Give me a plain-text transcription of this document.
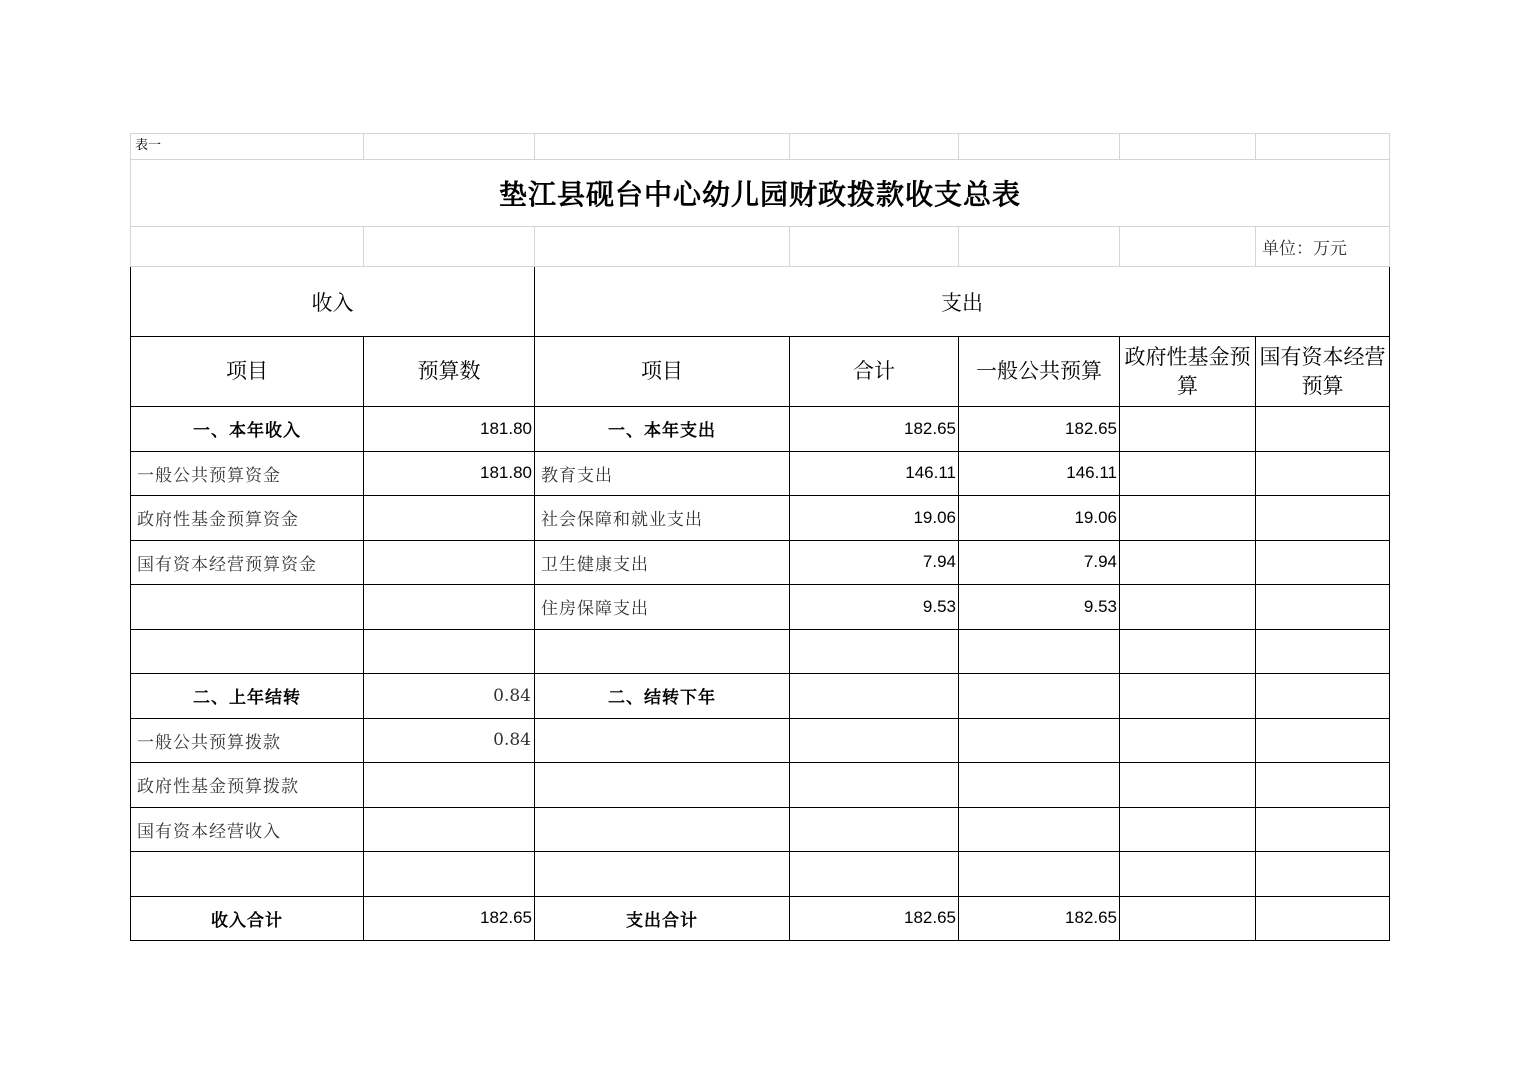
表一						
垫江县砚台中心幼儿园财政拨款收支总表						
						单位：万元
收入		支出				
项目	预算数	项目	合计	一般公共预算	政府性基金预算	国有资本经营预算
一、本年收入	181.80	一、本年支出	182.65	182.65		
一般公共预算资金	181.80	教育支出	146.11	146.11		
政府性基金预算资金		社会保障和就业支出	19.06	19.06		
国有资本经营预算资金		卫生健康支出	7.94	7.94		
		住房保障支出	9.53	9.53		

二、上年结转	0.84	二、结转下年				
一般公共预算拨款	0.84					
政府性基金预算拨款						
国有资本经营收入						

收入合计	182.65	支出合计	182.65	182.65		
